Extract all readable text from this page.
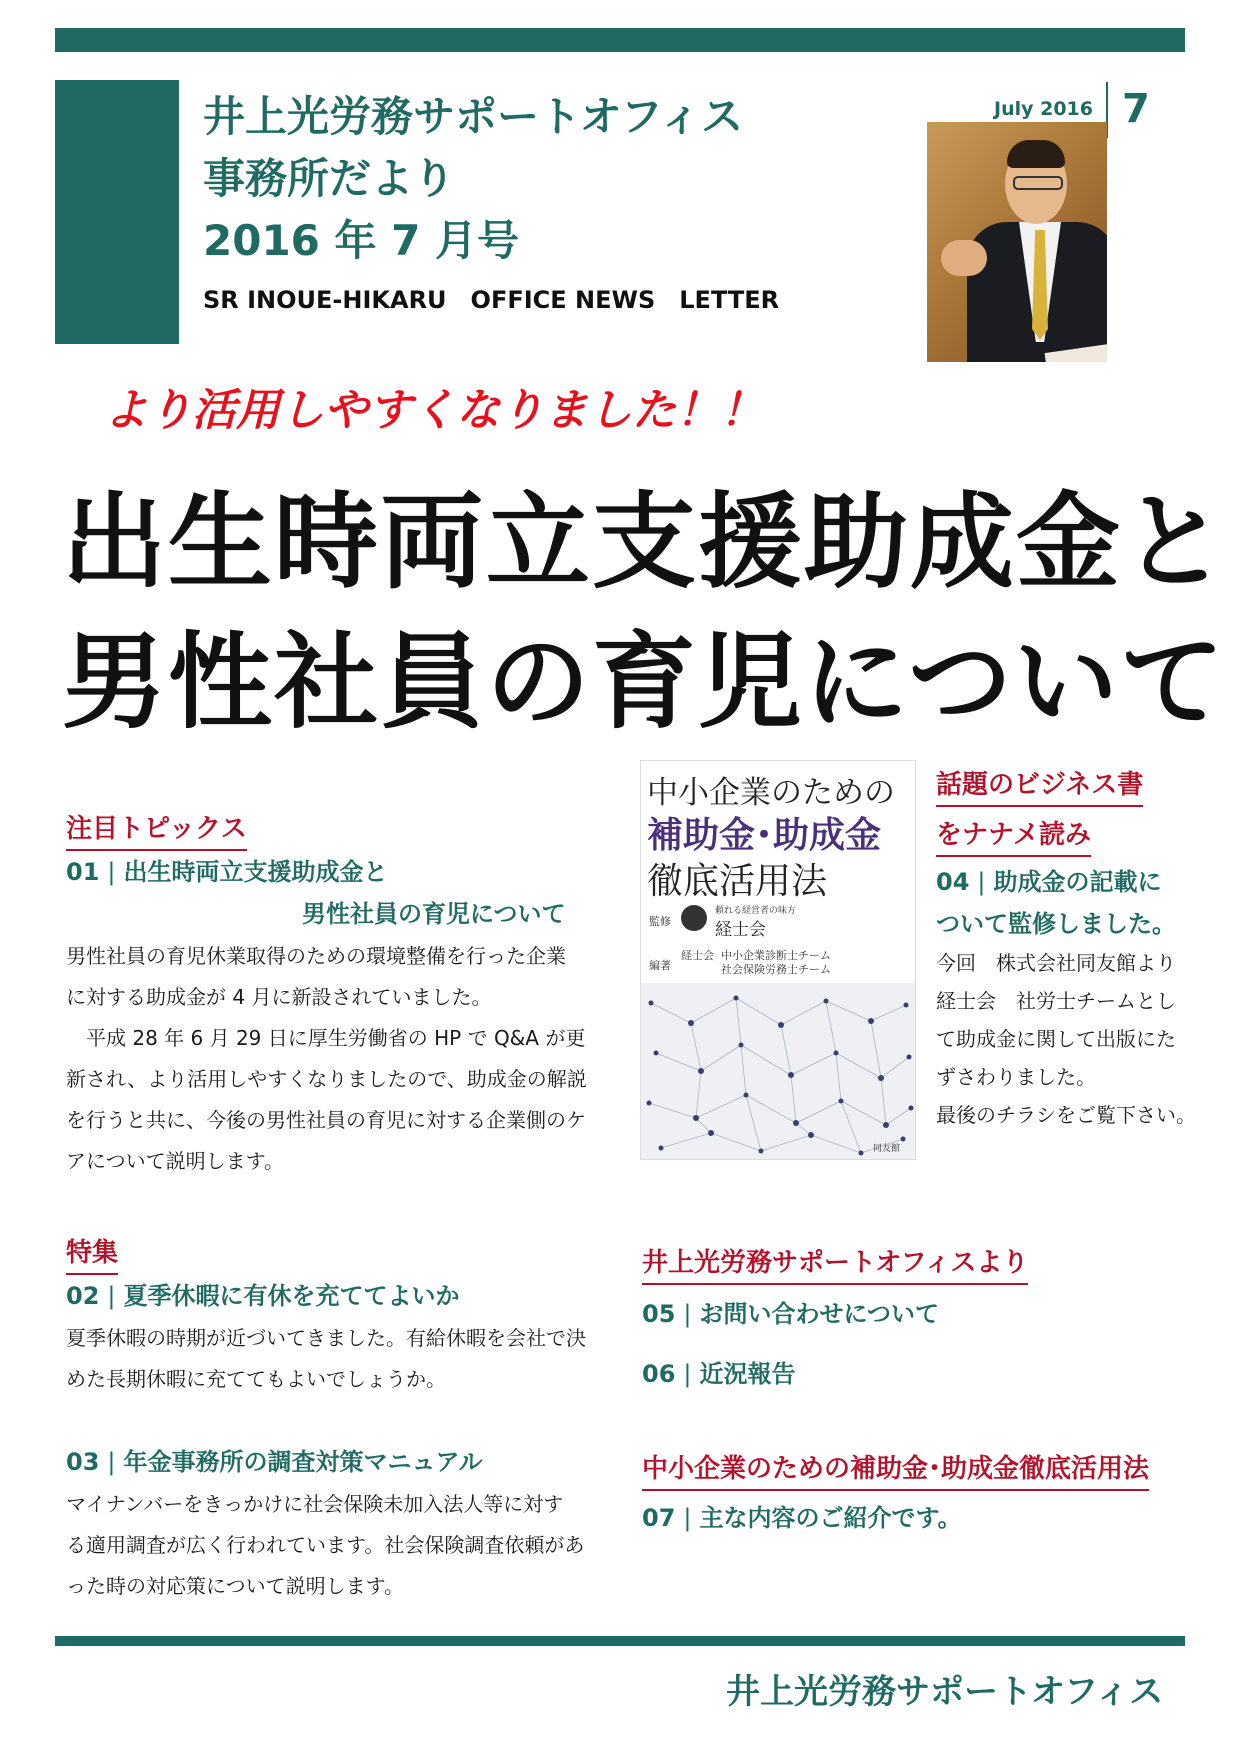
井上光労務サポートオフィス
事務所だより
2016 年 7 月号
SR INOUE-HIKARU　OFFICE NEWS　LETTER
July 2016 7
より活用しやすくなりました！！
出生時両立支援助成金と
男性社員の育児について
注目トピックス
01 | 出生時両立支援助成金と
男性社員の育児について
男性社員の育児休業取得のための環境整備を行った企業
に対する助成金が 4 月に新設されていました。
　平成 28 年 6 月 29 日に厚生労働省の HP で Q&A が更
新され、より活用しやすくなりましたので、助成金の解説
を行うと共に、今後の男性社員の育児に対する企業側のケ
アについて説明します。
特集
02 | 夏季休暇に有休を充ててよいか
夏季休暇の時期が近づいてきました。有給休暇を会社で決
めた長期休暇に充ててもよいでしょうか。
03 | 年金事務所の調査対策マニュアル
マイナンバーをきっかけに社会保険未加入法人等に対す
る適用調査が広く行われています。社会保険調査依頼があ
った時の対応策について説明します。
中小企業のための
補助金･助成金
徹底活用法
監修
頼れる経営者の味方
経士会
編著
経士会 中小企業診断士チーム
社会保険労務士チーム
同友館
話題のビジネス書
をナナメ読み
04 | 助成金の記載に
ついて監修しました。
今回　株式会社同友館より
経士会　社労士チームとし
て助成金に関して出版にた
ずさわりました。
最後のチラシをご覧下さい。
井上光労務サポートオフィスより
05 | お問い合わせについて
06 | 近況報告
中小企業のための補助金･助成金徹底活用法
07 | 主な内容のご紹介です。
井上光労務サポートオフィス
